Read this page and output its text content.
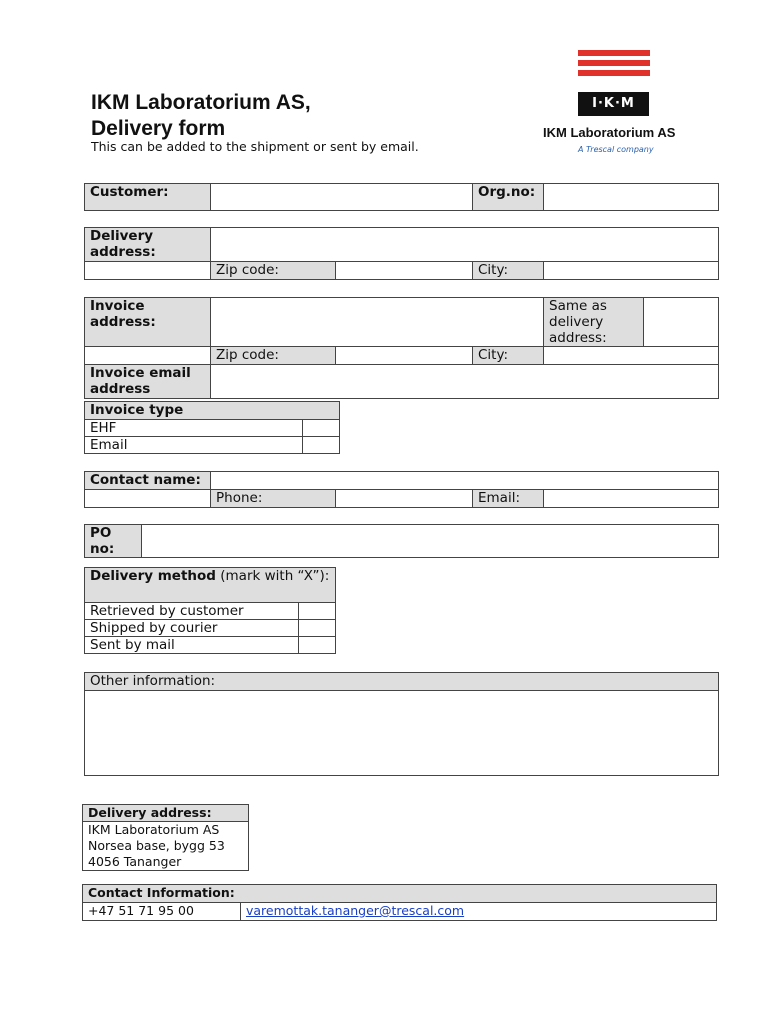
IKM Laboratorium AS,
Delivery form
This can be added to the shipment or sent by email.
I·K·M
IKM Laboratorium AS
A Trescal company
Customer:		Org.no:	
Delivery address:				
	Zip code:		City:	
Invoice address:				Same as delivery address:	
	Zip code:		City:		
Invoice email address					
Invoice type	
EHF	
Email	
Contact name:				
	Phone:		Email:	
PO no:	
Delivery method (mark with “X”):	
Retrieved by customer	
Shipped by courier	
Sent by mail	
Other information:

Delivery address:

IKM Laboratorium AS
Norsea base, bygg 53
4056 Tananger
Contact Information:
+47 51 71 95 00	varemottak.tananger@trescal.com
